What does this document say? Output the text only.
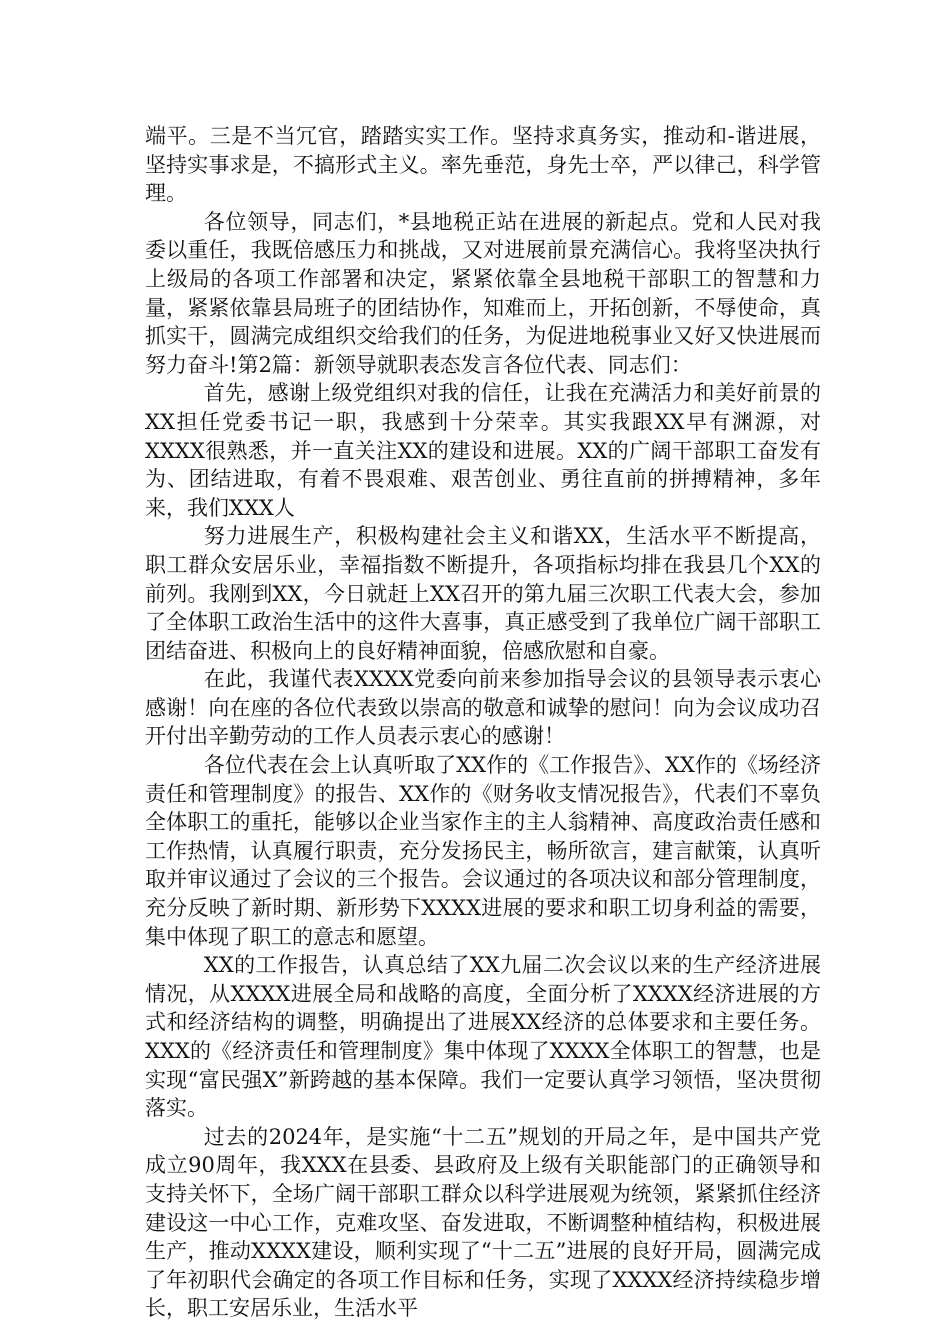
端平。三是不当冗官，踏踏实实工作。坚持求真务实，推动和-谐进展，坚持实事求是，不搞形式主义。率先垂范，身先士卒，严以律己，科学管理。

各位领导，同志们，*县地税正站在进展的新起点。党和人民对我委以重任，我既倍感压力和挑战，又对进展前景充满信心。我将坚决执行上级局的各项工作部署和决定，紧紧依靠全县地税干部职工的智慧和力量，紧紧依靠县局班子的团结协作，知难而上，开拓创新，不辱使命，真抓实干，圆满完成组织交给我们的任务，为促进地税事业又好又快进展而努力奋斗!第2篇：新领导就职表态发言各位代表、同志们：

首先，感谢上级党组织对我的信任，让我在充满活力和美好前景的XX担任党委书记一职，我感到十分荣幸。其实我跟XX早有渊源，对XXXX很熟悉，并一直关注XX的建设和进展。XX的广阔干部职工奋发有为、团结进取，有着不畏艰难、艰苦创业、勇往直前的拼搏精神，多年来，我们XXX人

努力进展生产，积极构建社会主义和谐XX，生活水平不断提高，职工群众安居乐业，幸福指数不断提升，各项指标均排在我县几个XX的前列。我刚到XX，今日就赶上XX召开的第九届三次职工代表大会，参加了全体职工政治生活中的这件大喜事，真正感受到了我单位广阔干部职工团结奋进、积极向上的良好精神面貌，倍感欣慰和自豪。

在此，我谨代表XXXX党委向前来参加指导会议的县领导表示衷心感谢！向在座的各位代表致以崇高的敬意和诚挚的慰问！向为会议成功召开付出辛勤劳动的工作人员表示衷心的感谢！

各位代表在会上认真听取了XX作的《工作报告》、XX作的《场经济责任和管理制度》的报告、XX作的《财务收支情况报告》，代表们不辜负全体职工的重托，能够以企业当家作主的主人翁精神、高度政治责任感和工作热情，认真履行职责，充分发扬民主，畅所欲言，建言献策，认真听取并审议通过了会议的三个报告。会议通过的各项决议和部分管理制度，充分反映了新时期、新形势下XXXX进展的要求和职工切身利益的需要，集中体现了职工的意志和愿望。

XX的工作报告，认真总结了XX九届二次会议以来的生产经济进展情况，从XXXX进展全局和战略的高度，全面分析了XXXX经济进展的方式和经济结构的调整，明确提出了进展XX经济的总体要求和主要任务。XXX的《经济责任和管理制度》集中体现了XXXX全体职工的智慧，也是实现“富民强X”新跨越的基本保障。我们一定要认真学习领悟，坚决贯彻落实。

过去的2024年，是实施“十二五”规划的开局之年，是中国共产党成立90周年，我XXX在县委、县政府及上级有关职能部门的正确领导和支持关怀下，全场广阔干部职工群众以科学进展观为统领，紧紧抓住经济建设这一中心工作，克难攻坚、奋发进取，不断调整种植结构，积极进展生产，推动XXXX建设，顺利实现了“十二五”进展的良好开局，圆满完成了年初职代会确定的各项工作目标和任务，实现了XXXX经济持续稳步增长，职工安居乐业，生活水平
